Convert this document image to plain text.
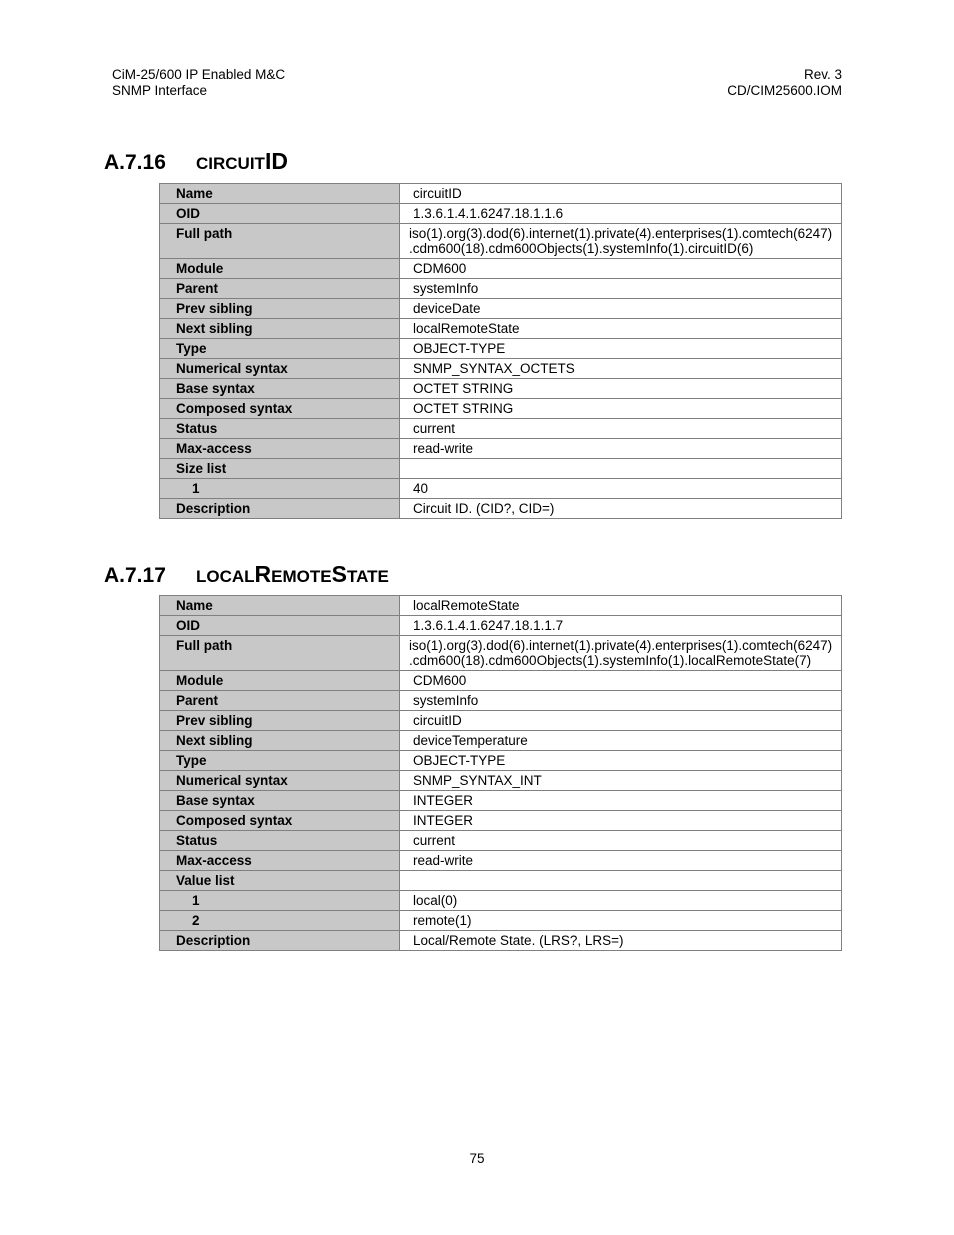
CiM-25/600 IP Enabled M&C
SNMP Interface
Rev. 3
CD/CIM25600.IOM
A.7.16 CIRCUITID
Name	circuitID
OID	1.3.6.1.4.1.6247.18.1.1.6
Full path	iso(1).org(3).dod(6).internet(1).private(4).enterprises(1).comtech(6247)
.cdm600(18).cdm600Objects(1).systemInfo(1).circuitID(6)

Module	CDM600
Parent	systemInfo
Prev sibling	deviceDate
Next sibling	localRemoteState
Type	OBJECT-TYPE
Numerical syntax	SNMP_SYNTAX_OCTETS
Base syntax	OCTET STRING
Composed syntax	OCTET STRING
Status	current
Max-access	read-write
Size list	
1	40
Description	Circuit ID. (CID?, CID=)
A.7.17 LOCALREMOTESTATE
Name	localRemoteState
OID	1.3.6.1.4.1.6247.18.1.1.7
Full path	iso(1).org(3).dod(6).internet(1).private(4).enterprises(1).comtech(6247)
.cdm600(18).cdm600Objects(1).systemInfo(1).localRemoteState(7)

Module	CDM600
Parent	systemInfo
Prev sibling	circuitID
Next sibling	deviceTemperature
Type	OBJECT-TYPE
Numerical syntax	SNMP_SYNTAX_INT
Base syntax	INTEGER
Composed syntax	INTEGER
Status	current
Max-access	read-write
Value list	
1	local(0)
2	remote(1)
Description	Local/Remote State. (LRS?, LRS=)
75
